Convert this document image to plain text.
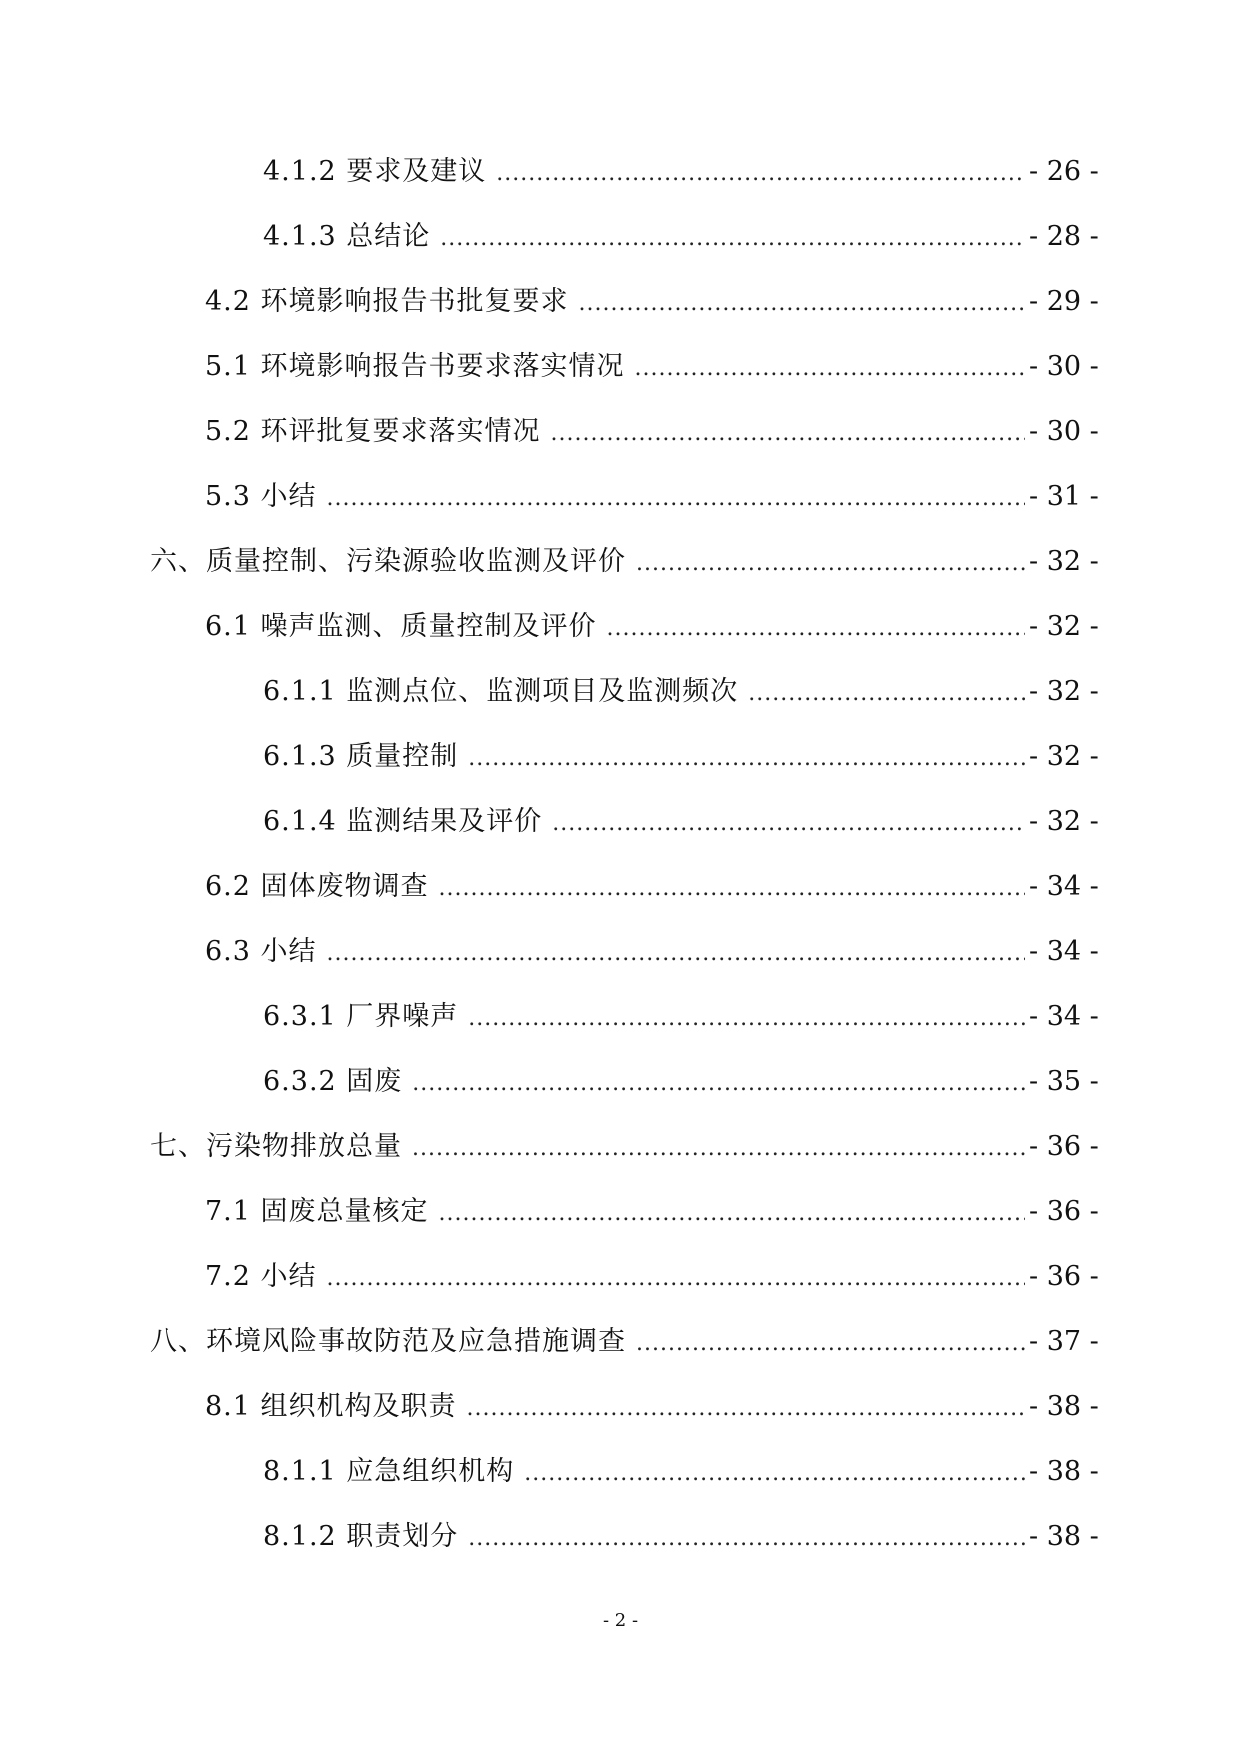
4.1.2 要求及建议 .....	- 26 -
4.1.3 总结论 .....	- 28 -
4.2 环境影响报告书批复要求 .....	- 29 -
5.1 环境影响报告书要求落实情况 .....	- 30 -
5.2 环评批复要求落实情况 .....	- 30 -
5.3 小结 .....	- 31 -
六、质量控制、污染源验收监测及评价 .....	- 32 -
6.1 噪声监测、质量控制及评价 .....	- 32 -
6.1.1 监测点位、监测项目及监测频次 .....	- 32 -
6.1.3 质量控制 .....	- 32 -
6.1.4 监测结果及评价 .....	- 32 -
6.2 固体废物调查 .....	- 34 -
6.3 小结 .....	- 34 -
6.3.1 厂界噪声 .....	- 34 -
6.3.2 固废 .....	- 35 -
七、污染物排放总量 .....	- 36 -
7.1 固废总量核定 .....	- 36 -
7.2 小结 .....	- 36 -
八、环境风险事故防范及应急措施调查 .....	- 37 -
8.1 组织机构及职责 .....	- 38 -
8.1.1 应急组织机构 .....	- 38 -
8.1.2 职责划分 .....	- 38 -
- 2 -
